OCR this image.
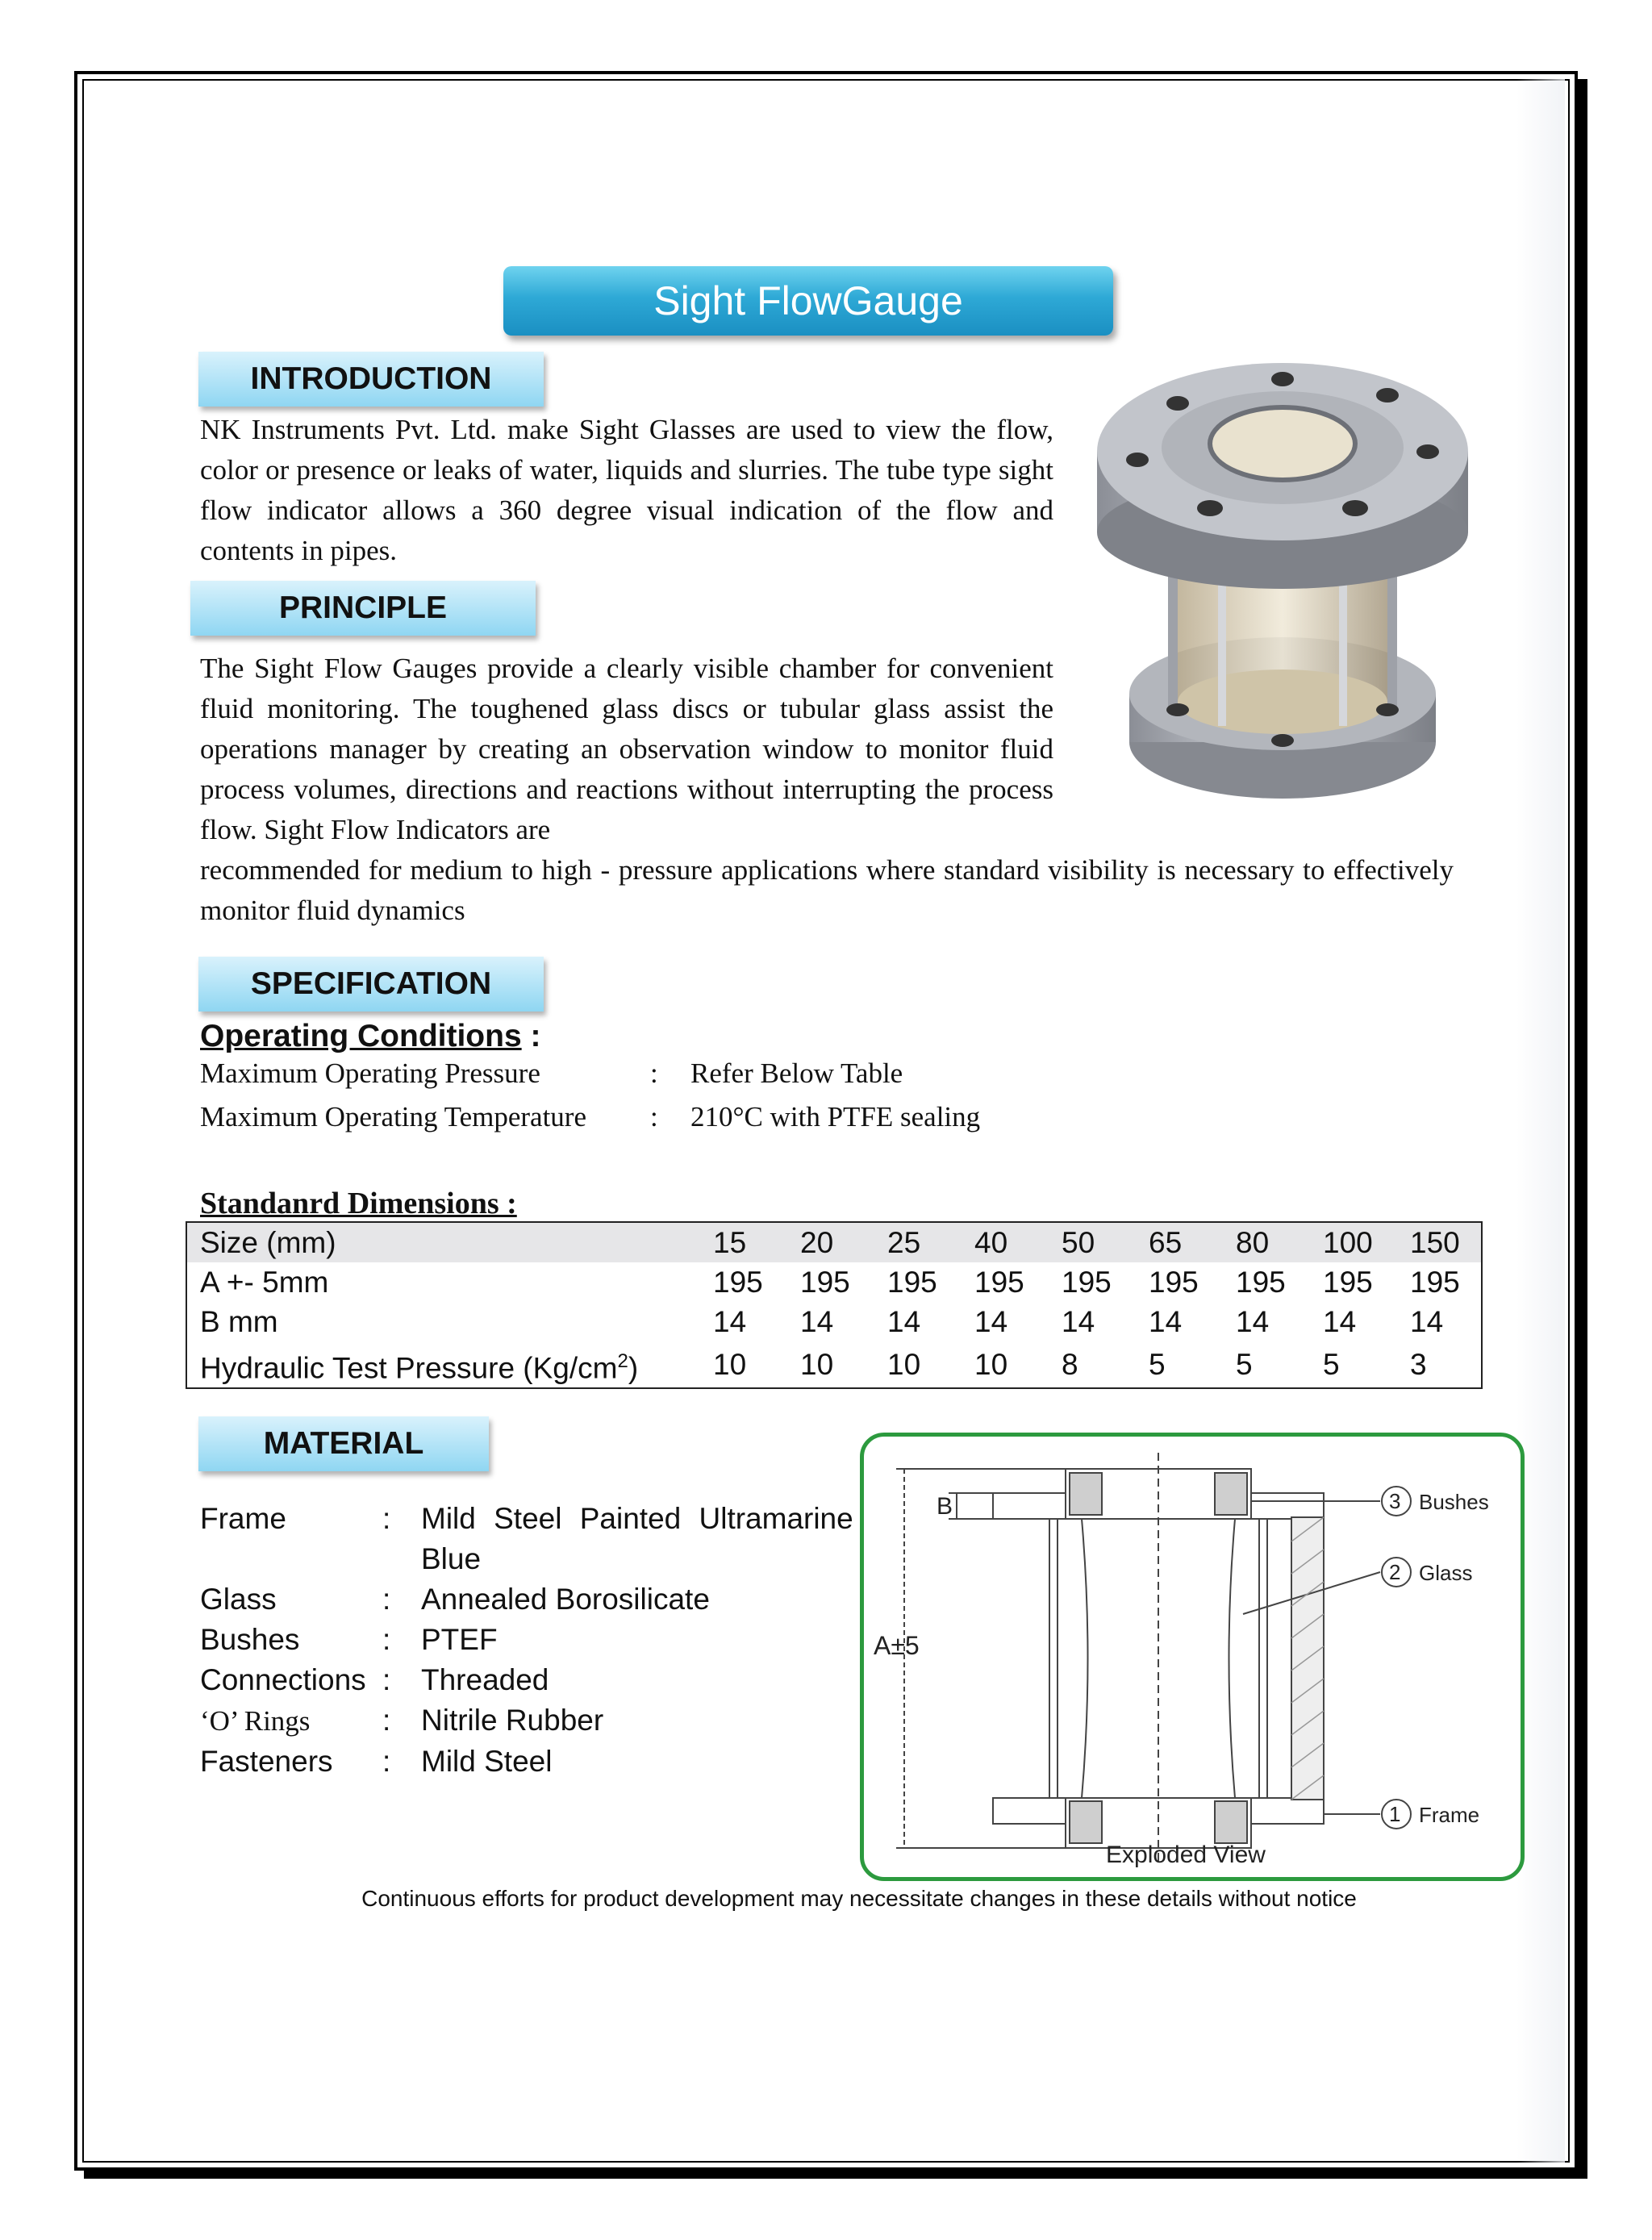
Sight FlowGauge
INTRODUCTION
NK Instruments Pvt. Ltd. make Sight Glasses are used to view the flow, color or presence or leaks of water, liquids and slurries. The tube type sight flow indicator allows a 360 degree visual indication of the flow and contents in pipes.
PRINCIPLE
The Sight Flow Gauges provide a clearly visible chamber for convenient fluid monitoring. The toughened glass discs or tubular glass assist the operations manager by creating an observation window to monitor fluid process volumes, directions and reactions without interrupting the process flow. Sight Flow Indicators are
recommended for medium to high - pressure applications where standard visibility is necessary to effectively monitor fluid dynamics
SPECIFICATION
Operating Conditions :
Maximum Operating Pressure	: Refer Below Table
Maximum Operating Temperature : 210°C with PTFE sealing
Standanrd Dimensions :
Size (mm)	15	20	25	40	50	65	80	100	150
A +- 5mm	195	195	195	195	195	195	195	195	195
B mm	14	14	14	14	14	14	14	14	14
Hydraulic Test Pressure $(Kg/cm^2)$	10	10	10	10	8	5	5	5	3
MATERIAL
Frame	: Mild Steel Painted Ultramarine
Blue
Glass	: Annealed Borosilicate
Bushes	: PTEF
Connections : Threaded
‘O’ Rings : Nitrile Rubber
Fasteners : Mild Steel
3
2
1
Bushes
Glass
Frame
B
A±5
Exploded View
Continuous efforts for product development may necessitate changes in these details without notice
